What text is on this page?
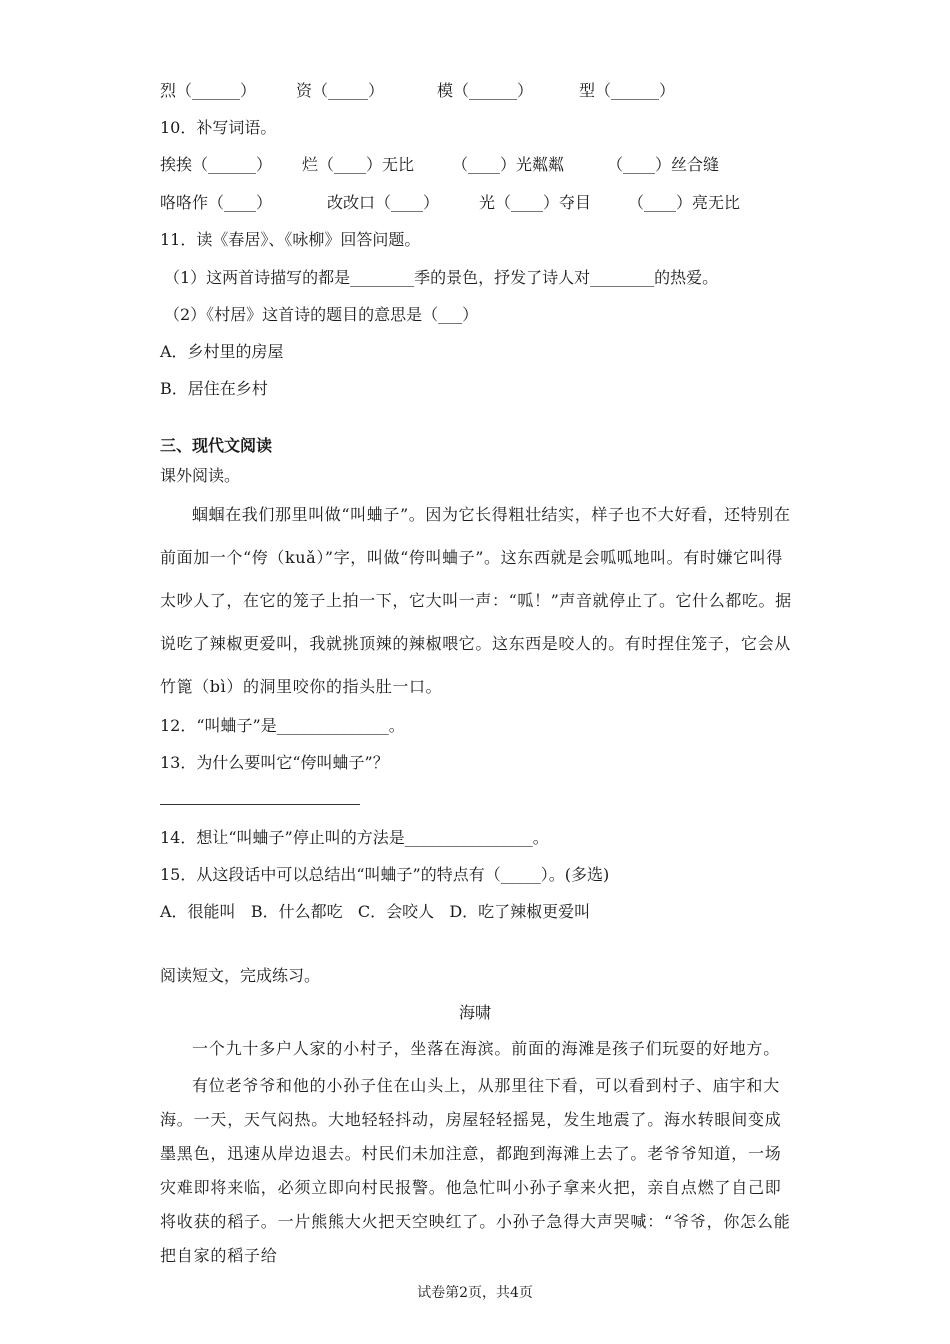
烈（______） 资（_____）	模（______）	型（______）
10．补写词语。
挨挨（______） 烂（____）无比 （____）光粼粼	（____）丝合缝
咯咯作（____）	改改口（____） 光（____）夺目 （____）亮无比
11．读《春居》、《咏柳》回答问题。
（1）这两首诗描写的都是________季的景色，抒发了诗人对________的热爱。
（2）《村居》这首诗的题目的意思是（___）
A．乡村里的房屋
B．居住在乡村
三、现代文阅读
课外阅读。
蝈蝈在我们那里叫做“叫蛐子”。因为它长得粗壮结实，样子也不大好看，还特别在前面加一个“侉（kuǎ）”字，叫做“侉叫蛐子”。这东西就是会呱呱地叫。有时嫌它叫得太吵人了，在它的笼子上拍一下，它大叫一声：“呱！”声音就停止了。它什么都吃。据说吃了辣椒更爱叫，我就挑顶辣的辣椒喂它。这东西是咬人的。有时捏住笼子，它会从竹篦（bì）的洞里咬你的指头肚一口。
12．“叫蛐子”是______________。
13．为什么要叫它“侉叫蛐子”？
14．想让“叫蛐子”停止叫的方法是________________。
15．从这段话中可以总结出“叫蛐子”的特点有（_____）。(多选)
A．很能叫   B．什么都吃   C．会咬人   D．吃了辣椒更爱叫
阅读短文，完成练习。
海啸
一个九十多户人家的小村子，坐落在海滨。前面的海滩是孩子们玩耍的好地方。
有位老爷爷和他的小孙子住在山头上，从那里往下看，可以看到村子、庙宇和大海。一天，天气闷热。大地轻轻抖动，房屋轻轻摇晃，发生地震了。海水转眼间变成墨黑色，迅速从岸边退去。村民们未加注意，都跑到海滩上去了。老爷爷知道，一场灾难即将来临，必须立即向村民报警。他急忙叫小孙子拿来火把，亲自点燃了自己即将收获的稻子。一片熊熊大火把天空映红了。小孙子急得大声哭喊：“爷爷，你怎么能把自家的稻子给
试卷第2页，共4页
